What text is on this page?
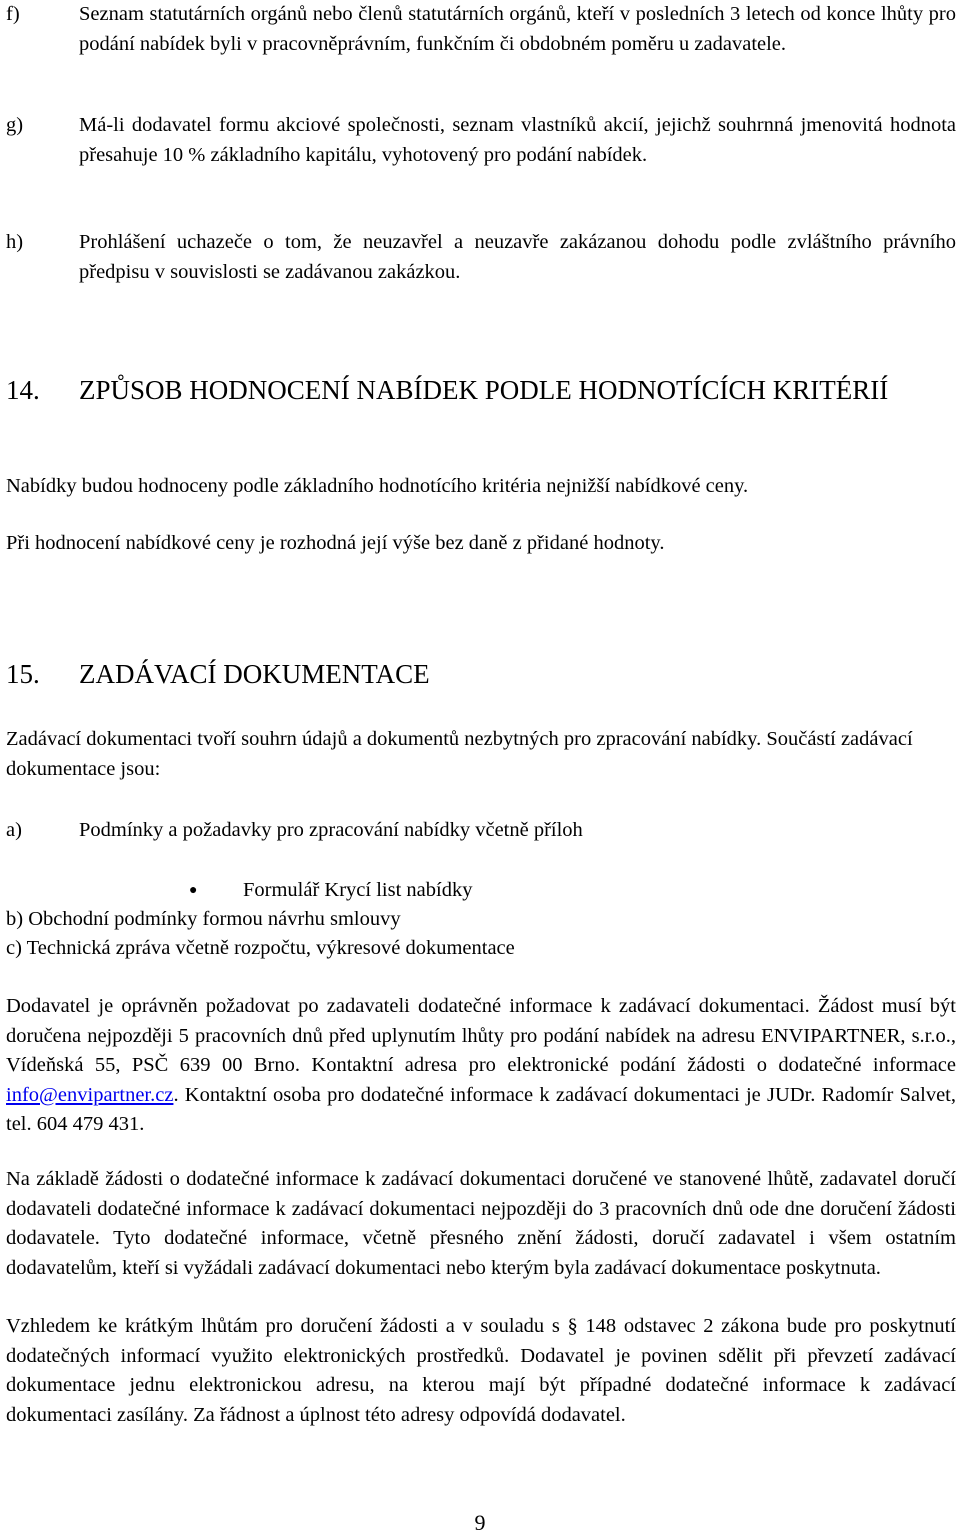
f)	Seznam statutárních orgánů nebo členů statutárních orgánů, kteří v posledních 3 letech od konce lhůty pro podání nabídek byli v pracovněprávním, funkčním či obdobném poměru u zadavatele.
g)	Má-li dodavatel formu akciové společnosti, seznam vlastníků akcií, jejichž souhrnná jmenovitá hodnota přesahuje 10 % základního kapitálu, vyhotovený pro podání nabídek.
h)	Prohlášení uchazeče o tom, že neuzavřel a neuzavře zakázanou dohodu podle zvláštního právního předpisu v souvislosti se zadávanou zakázkou.
14. ZPŮSOB HODNOCENÍ NABÍDEK PODLE HODNOTÍCÍCH KRITÉRIÍ
Nabídky budou hodnoceny podle základního hodnotícího kritéria nejnižší nabídkové ceny.
Při hodnocení nabídkové ceny je rozhodná její výše bez daně z přidané hodnoty.
15. ZADÁVACÍ DOKUMENTACE
Zadávací dokumentaci tvoří souhrn údajů a dokumentů nezbytných pro zpracování nabídky. Součástí zadávací dokumentace jsou:
a)	Podmínky a požadavky pro zpracování nabídky včetně příloh
● Formulář Krycí list nabídky
b) Obchodní podmínky formou návrhu smlouvy
c) Technická zpráva včetně rozpočtu, výkresové dokumentace
Dodavatel je oprávněn požadovat po zadavateli dodatečné informace k zadávací dokumentaci. Žádost musí být doručena nejpozději 5 pracovních dnů před uplynutím lhůty pro podání nabídek na adresu ENVIPARTNER, s.r.o., Vídeňská 55, PSČ 639 00 Brno. Kontaktní adresa pro elektronické podání žádosti o dodatečné informace info@envipartner.cz. Kontaktní osoba pro dodatečné informace k zadávací dokumentaci je JUDr. Radomír Salvet, tel. 604 479 431.
Na základě žádosti o dodatečné informace k zadávací dokumentaci doručené ve stanovené lhůtě, zadavatel doručí dodavateli dodatečné informace k zadávací dokumentaci nejpozději do 3 pracovních dnů ode dne doručení žádosti dodavatele. Tyto dodatečné informace, včetně přesného znění žádosti, doručí zadavatel i všem ostatním dodavatelům, kteří si vyžádali zadávací dokumentaci nebo kterým byla zadávací dokumentace poskytnuta.
Vzhledem ke krátkým lhůtám pro doručení žádosti a v souladu s § 148 odstavec 2 zákona bude pro poskytnutí dodatečných informací využito elektronických prostředků. Dodavatel je povinen sdělit při převzetí zadávací dokumentace jednu elektronickou adresu, na kterou mají být případné dodatečné informace k zadávací dokumentaci zasílány. Za řádnost a úplnost této adresy odpovídá dodavatel.
9
